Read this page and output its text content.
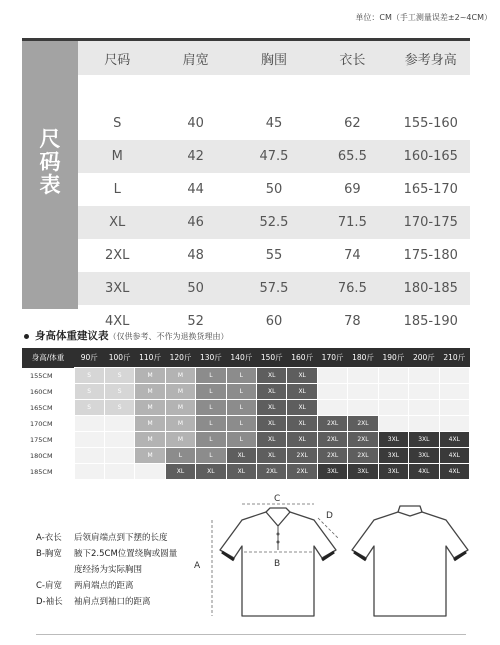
单位：CM（手工测量误差±2~4CM）
尺
码
表
尺码	肩宽	胸围	衣长	参考身高

S	40	45	62	155-160
M	42	47.5	65.5	160-165
L	44	50	69	165-170
XL	46	52.5	71.5	170-175
2XL	48	55	74	175-180
3XL	50	57.5	76.5	180-185
4XL	52	60	78	185-190
身高体重建议表（仅供参考、不作为退换货理由）
身高/体重	90斤	100斤	110斤	120斤	130斤	140斤	150斤	160斤	170斤	180斤	190斤	200斤	210斤
155CM	S	S	M	M	L	L	XL	XL					
160CM	S	S	M	M	L	L	XL	XL					
165CM	S	S	M	M	L	L	XL	XL					
170CM			M	M	L	L	XL	XL	2XL	2XL			
175CM			M	M	L	L	XL	XL	2XL	2XL	3XL	3XL	4XL
180CM			M	L	L	XL	XL	2XL	2XL	2XL	3XL	3XL	4XL
185CM				XL	XL	XL	2XL	2XL	3XL	3XL	3XL	4XL	4XL
A-衣长 后领肩端点到下摆的长度
B-胸宽 腋下2.5CM位置绕胸或圆量
度经扬为实际胸围
C-肩宽 两肩端点的距离
D-袖长 袖肩点到袖口的距离
C
D
B
A
